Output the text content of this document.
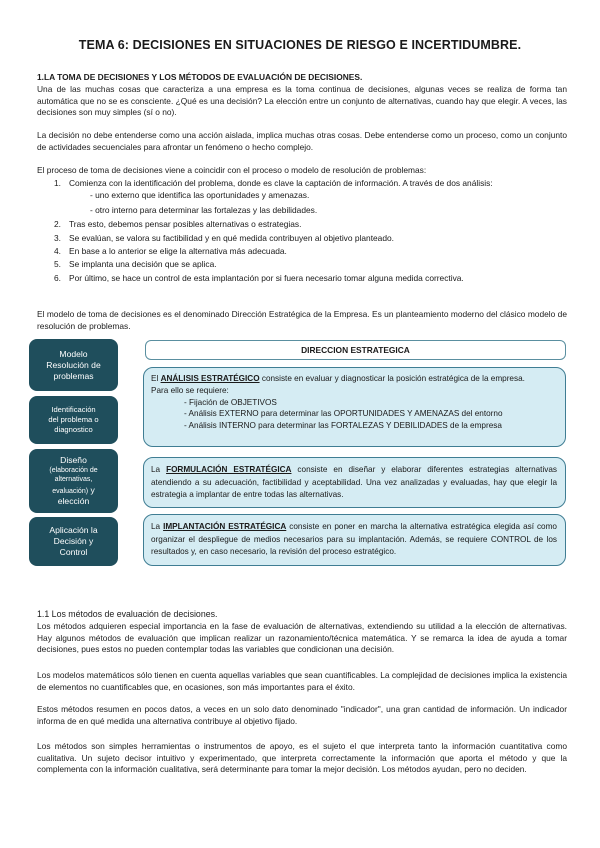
TEMA 6: DECISIONES EN SITUACIONES DE RIESGO E INCERTIDUMBRE.
1.LA TOMA DE DECISIONES Y LOS MÉTODOS DE EVALUACIÓN DE DECISIONES.
Una de las muchas cosas que caracteriza a una empresa es la toma continua de decisiones, algunas veces se realiza de forma tan automática que no se es consciente. ¿Qué es una decisión? La elección entre un conjunto de alternativas, cuando hay que elegir. A veces, las decisiones son muy simples (sí o no).
La decisión no debe entenderse como una acción aislada, implica muchas otras cosas. Debe entenderse como un proceso, como un conjunto de actividades secuenciales para afrontar un fenómeno o hecho complejo.
El proceso de toma de decisiones viene a coincidir con el proceso o modelo de resolución de problemas:
1. Comienza con la identificación del problema, donde es clave la captación de información. A través de dos análisis:
- uno externo que identifica las oportunidades y amenazas.
- otro interno para determinar las fortalezas y las debilidades.
2. Tras esto, debemos pensar posibles alternativas o estrategias.
3. Se evalúan, se valora su factibilidad y en qué medida contribuyen al objetivo planteado.
4. En base a lo anterior se elige la alternativa más adecuada.
5. Se implanta una decisión que se aplica.
6. Por último, se hace un control de esta implantación por si fuera necesario tomar alguna medida correctiva.
El modelo de toma de decisiones es el denominado Dirección Estratégica de la Empresa. Es un planteamiento moderno del clásico modelo de resolución de problemas.
Modelo
Resolución de
problemas
Identificación
del problema o
diagnostico
Diseño
(elaboración de
alternativas,
evaluación) y
elección
Aplicación la
Decisión y
Control
DIRECCION ESTRATEGICA
El ANÁLISIS ESTRATÉGICO consiste en evaluar y diagnosticar la posición estratégica de la empresa.
Para ello se requiere:
- Fijación de OBJETIVOS
- Análisis EXTERNO para determinar las OPORTUNIDADES Y AMENAZAS del entorno
- Análisis INTERNO para determinar las FORTALEZAS Y DEBILIDADES de la empresa
La FORMULACIÓN ESTRATÉGICA consiste en diseñar y elaborar diferentes estrategias alternativas atendiendo a su adecuación, factibilidad y aceptabilidad. Una vez analizadas y evaluadas, hay que elegir la estrategia a implantar de entre todas las alternativas.
La IMPLANTACIÓN ESTRATÉGICA consiste en poner en marcha la alternativa estratégica elegida así como organizar el despliegue de medios necesarios para su implantación. Además, se requiere CONTROL de los resultados y, en caso necesario, la revisión del proceso estratégico.
1.1 Los métodos de evaluación de decisiones.
Los métodos adquieren especial importancia en la fase de evaluación de alternativas, extendiendo su utilidad a la elección de alternativas. Hay algunos métodos de evaluación que implican realizar un razonamiento/técnica matemática. Y se remarca la idea de ayuda a tomar decisiones, pues estos no pueden contemplar todas las variables que condicionan una decisión.
Los modelos matemáticos sólo tienen en cuenta aquellas variables que sean cuantificables. La complejidad de decisiones implica la existencia de elementos no cuantificables que, en ocasiones, son más importantes para el éxito.
Estos métodos resumen en pocos datos, a veces en un solo dato denominado "indicador", una gran cantidad de información. Un indicador informa de en qué medida una alternativa contribuye al objetivo fijado.
Los métodos son simples herramientas o instrumentos de apoyo, es el sujeto el que interpreta tanto la información cuantitativa como cualitativa. Un sujeto decisor intuitivo y experimentado, que interpreta correctamente la información que aporta el método y que la complementa con la información cualitativa, será determinante para tomar la mejor decisión. Los métodos ayudan, pero no deciden.
